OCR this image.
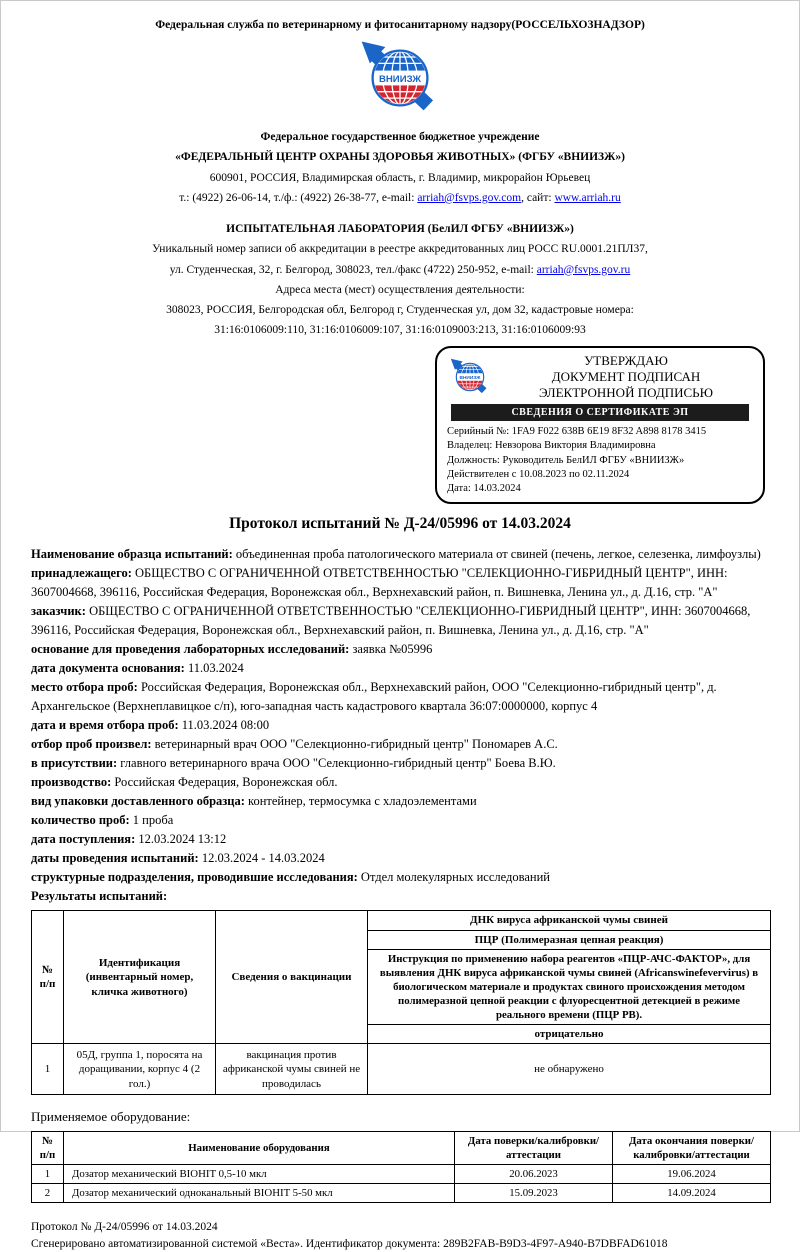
Федеральная служба по ветеринарному и фитосанитарному надзору(РОССЕЛЬХОЗНАДЗОР)
ВНИИЗЖ
Федеральное государственное бюджетное учреждение
«ФЕДЕРАЛЬНЫЙ ЦЕНТР ОХРАНЫ ЗДОРОВЬЯ ЖИВОТНЫХ» (ФГБУ «ВНИИЗЖ»)
600901, РОССИЯ, Владимирская область, г. Владимир, микрорайон Юрьевец
т.: (4922) 26-06-14, т./ф.: (4922) 26-38-77, e-mail: arriah@fsvps.gov.com, сайт: www.arriah.ru
ИСПЫТАТЕЛЬНАЯ ЛАБОРАТОРИЯ (БелИЛ ФГБУ «ВНИИЗЖ»)
Уникальный номер записи об аккредитации в реестре аккредитованных лиц РОСС RU.0001.21ПЛ37,
ул. Студенческая, 32, г. Белгород, 308023, тел./факс (4722) 250-952, e-mail: arriah@fsvps.gov.ru
Адреса места (мест) осуществления деятельности:
308023, РОССИЯ, Белгородская обл, Белгород г, Студенческая ул, дом 32, кадастровые номера:
31:16:0106009:110, 31:16:0106009:107, 31:16:0109003:213, 31:16:0106009:93
УТВЕРЖДАЮ
ДОКУМЕНТ ПОДПИСАН
ЭЛЕКТРОННОЙ ПОДПИСЬЮ
СВЕДЕНИЯ О СЕРТИФИКАТЕ ЭП
Серийный №: 1FA9 F022 638B 6E19 8F32 A898 8178 3415
Владелец: Невзорова Виктория Владимировна
Должность: Руководитель БелИЛ ФГБУ «ВНИИЗЖ»
Действителен с 10.08.2023 по 02.11.2024
Дата: 14.03.2024
Протокол испытаний № Д-24/05996 от 14.03.2024

Наименование образца испытаний: объединенная проба патологического материала от свиней (печень, легкое, селезенка, лимфоузлы)

принадлежащего: ОБЩЕСТВО С ОГРАНИЧЕННОЙ ОТВЕТСТВЕННОСТЬЮ "СЕЛЕКЦИОННО-ГИБРИДНЫЙ ЦЕНТР", ИНН: 3607004668, 396116, Российская Федерация, Воронежская обл., Верхнехавский район, п. Вишневка, Ленина ул., д. Д.16, стр. "А"

заказчик: ОБЩЕСТВО С ОГРАНИЧЕННОЙ ОТВЕТСТВЕННОСТЬЮ "СЕЛЕКЦИОННО-ГИБРИДНЫЙ ЦЕНТР", ИНН: 3607004668, 396116, Российская Федерация, Воронежская обл., Верхнехавский район, п. Вишневка, Ленина ул., д. Д.16, стр. "А"

основание для проведения лабораторных исследований: заявка №05996

дата документа основания: 11.03.2024

место отбора проб: Российская Федерация, Воронежская обл., Верхнехавский район, ООО "Селекционно-гибридный центр", д. Архангельское (Верхнеплавицкое с/п), юго-западная часть кадастрового квартала 36:07:0000000, корпус 4

дата и время отбора проб: 11.03.2024 08:00

отбор проб произвел: ветеринарный врач ООО "Селекционно-гибридный центр" Пономарев А.С.

в присутствии: главного ветеринарного врача ООО "Селекционно-гибридный центр" Боева В.Ю.

производство: Российская Федерация, Воронежская обл.

вид упаковки доставленного образца: контейнер, термосумка с хладоэлементами

количество проб: 1 проба

дата поступления: 12.03.2024 13:12

даты проведения испытаний: 12.03.2024 - 14.03.2024

структурные подразделения, проводившие исследования: Отдел молекулярных исследований

Результаты испытаний:

№ п/п	Идентификация (инвентарный номер, кличка животного)	Сведения о вакцинации	ДНК вируса африканской чумы свиней
			ПЦР (Полимеразная цепная реакция)
			Инструкция по применению набора реагентов «ПЦР-АЧС-ФАКТОР», для выявления ДНК вируса африканской чумы свиней (Africanswinefevervirus) в биологическом материале и продуктах свиного происхождения методом полимеразной цепной реакции с флуоресцентной детекцией в режиме реального времени (ПЦР РВ).
			отрицательно
1	05Д, группа 1, поросята на доращивании, корпус 4 (2 гол.)	вакцинация против африканской чумы свиней не проводилась	не обнаружено
Применяемое оборудование:
№ п/п	Наименование оборудования	Дата поверки/калибровки/аттестации	Дата окончания поверки/калибровки/аттестации
1	Дозатор механический BIOHIT 0,5-10 мкл	20.06.2023	19.06.2024
2	Дозатор механический одноканальный BIOHIT 5-50 мкл	15.09.2023	14.09.2024
Протокол № Д-24/05996 от 14.03.2024
Сгенерировано автоматизированной системой «Веста». Идентификатор документа: 289B2FAB-B9D3-4F97-A940-B7DBFAD61018
